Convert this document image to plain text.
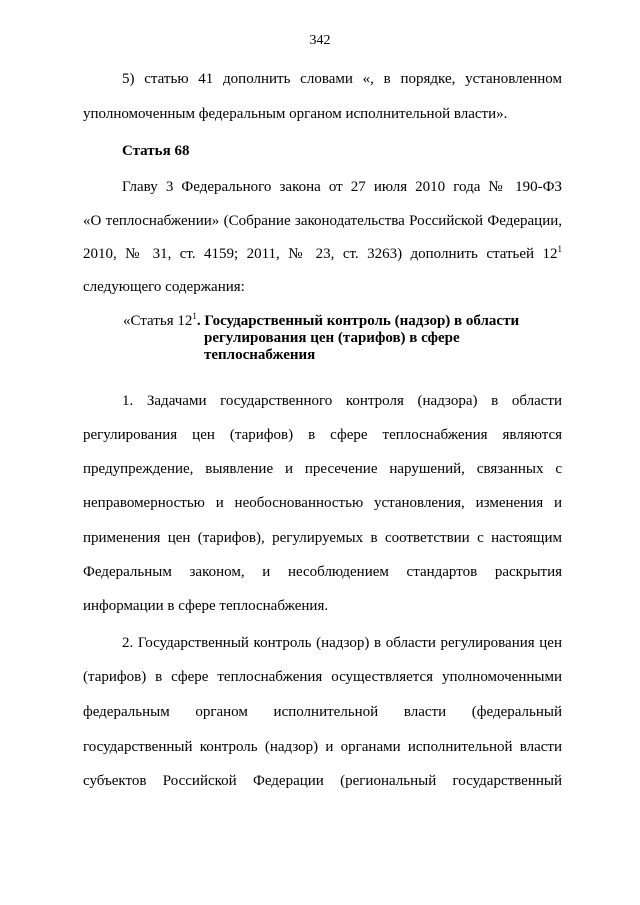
342
5) статью 41 дополнить словами «, в порядке, установленном
уполномоченным федеральным органом исполнительной власти».
Статья 68
Главу 3 Федерального закона от 27 июля 2010 года № 190-ФЗ
«О теплоснабжении» (Собрание законодательства Российской Федерации,
2010, № 31, ст. 4159; 2011, № 23, ст. 3263) дополнить статьей $12^1$
следующего содержания:
«Статья $12^1$. Государственный контроль (надзор) в области
регулирования цен (тарифов) в сфере
теплоснабжения
1. Задачами государственного контроля (надзора) в области
регулирования цен (тарифов) в сфере теплоснабжения являются
предупреждение, выявление и пресечение нарушений, связанных с
неправомерностью и необоснованностью установления, изменения и
применения цен (тарифов), регулируемых в соответствии с настоящим
Федеральным законом, и несоблюдением стандартов раскрытия
информации в сфере теплоснабжения.
2. Государственный контроль (надзор) в области регулирования цен
(тарифов) в сфере теплоснабжения осуществляется уполномоченными
федеральным органом исполнительной власти (федеральный
государственный контроль (надзор) и органами исполнительной власти
субъектов Российской Федерации (региональный государственный
